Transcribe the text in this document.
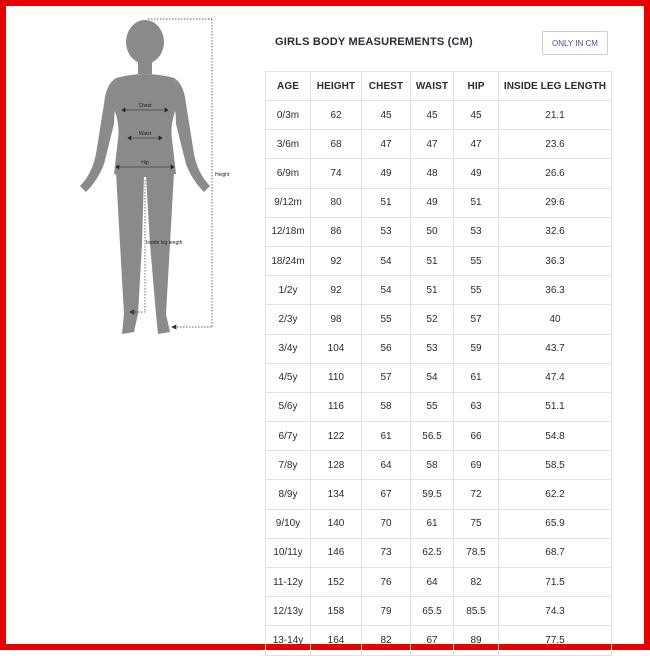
Chest
Waist
Hip
Height
Inside leg length
GIRLS BODY MEASUREMENTS (CM)	ONLY IN CM
AGE	HEIGHT	CHEST	WAIST	HIP	INSIDE LEG LENGTH
0/3m	62	45	45	45	21.1
3/6m	68	47	47	47	23.6
6/9m	74	49	48	49	26.6
9/12m	80	51	49	51	29.6
12/18m	86	53	50	53	32.6
18/24m	92	54	51	55	36.3
1/2y	92	54	51	55	36.3
2/3y	98	55	52	57	40
3/4y	104	56	53	59	43.7
4/5y	110	57	54	61	47.4
5/6y	116	58	55	63	51.1
6/7y	122	61	56.5	66	54.8
7/8y	128	64	58	69	58.5
8/9y	134	67	59.5	72	62.2
9/10y	140	70	61	75	65.9
10/11y	146	73	62.5	78.5	68.7
11-12y	152	76	64	82	71.5
12/13y	158	79	65.5	85.5	74.3
13-14y	164	82	67	89	77.5
